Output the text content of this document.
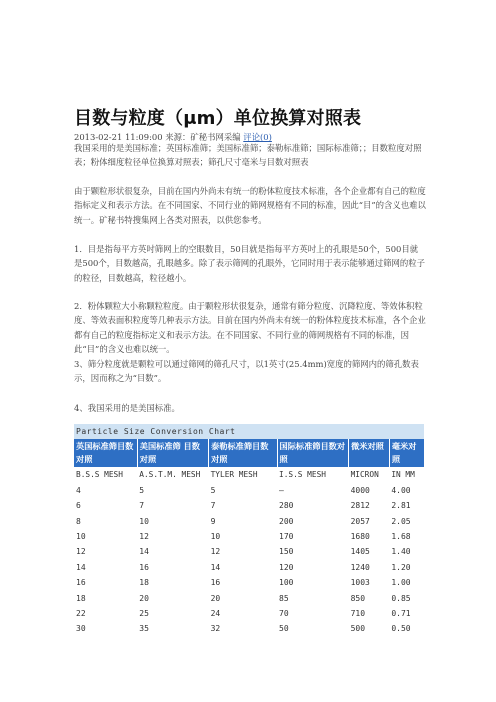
目数与粒度（μm）单位换算对照表
2013-02-21 11:09:00 来源：矿秘书网采编 评论(0)

我国采用的是美国标准；英国标准筛；美国标准筛；泰勒标准筛；国际标准筛；；目数粒度对照表；粉体细度粒径单位换算对照表；筛孔尺寸毫米与目数对照表

由于颗粒形状很复杂，目前在国内外尚未有统一的粉体粒度技术标准，各个企业都有自己的粒度指标定义和表示方法。在不同国家、不同行业的筛网规格有不同的标准，因此“目”的含义也难以统一。矿秘书特搜集网上各类对照表，以供您参考。

1．目是指每平方英吋筛网上的空眼数目，50目就是指每平方英吋上的孔眼是50个，500目就是500个，目数越高，孔眼越多。除了表示筛网的孔眼外，它同时用于表示能够通过筛网的粒子的粒径，目数越高，粒径越小。

2．粉体颗粒大小称颗粒粒度。由于颗粒形状很复杂，通常有筛分粒度、沉降粒度、等效体积粒度、等效表面积粒度等几种表示方法。目前在国内外尚未有统一的粉体粒度技术标准，各个企业都有自己的粒度指标定义和表示方法。在不同国家、不同行业的筛网规格有不同的标准，因此“目”的含义也难以统一。

3、筛分粒度就是颗粒可以通过筛网的筛孔尺寸，以1英寸(25.4mm)宽度的筛网内的筛孔数表示，因而称之为“目数”。

4、我国采用的是美国标准。

Particle Size Conversion Chart					
英国标准筛目数对照	美国标准筛 目数对照	泰勒标准筛目数对照	国际标准筛目数对照	微米对照	毫米对照
B.S.S MESH	A.S.T.M. MESH	TYLER MESH	I.S.S MESH	MICRON	IN MM
4	5	5	—	4000	4.00
6	7	7	280	2812	2.81
8	10	9	200	2057	2.05
10	12	10	170	1680	1.68
12	14	12	150	1405	1.40
14	16	14	120	1240	1.20
16	18	16	100	1003	1.00
18	20	20	85	850	0.85
22	25	24	70	710	0.71
30	35	32	50	500	0.50
